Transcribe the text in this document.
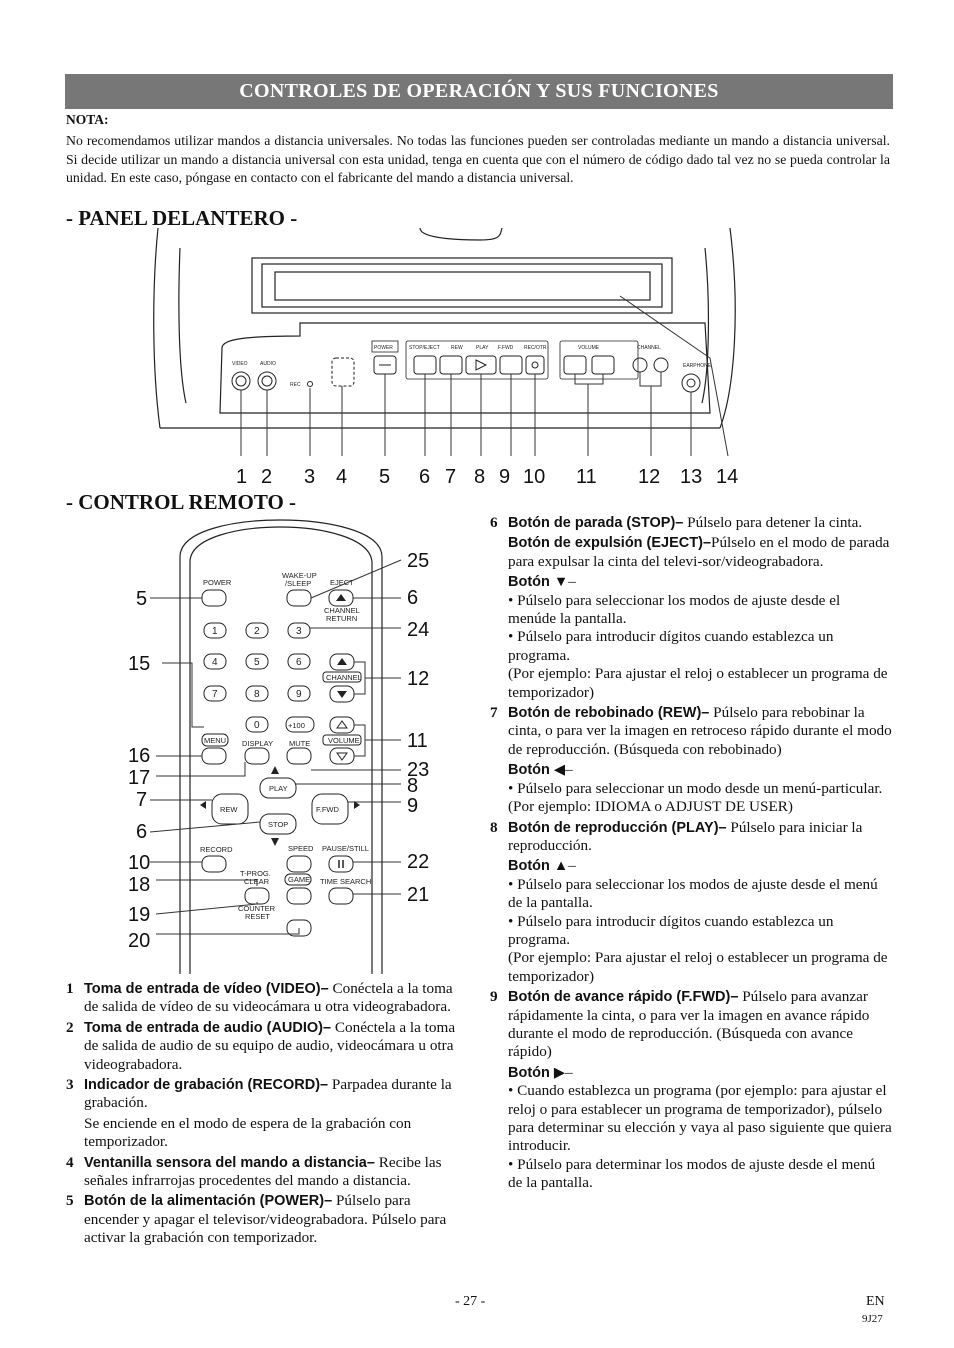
CONTROLES DE OPERACIÓN Y SUS FUNCIONES
NOTA:
No recomendamos utilizar mandos a distancia universales. No todas las funciones pueden ser controladas mediante un mando a distancia universal. Si decide utilizar un mando a distancia universal con esta unidad, tenga en cuenta que con el número de código dado tal vez no se pueda controlar la unidad. En este caso, póngase en contacto con el fabricante del mando a distancia universal.
- PANEL DELANTERO -
VIDEO AUDIO
REC
POWER	STOP/EJECT REW	PLAY F.FWD REC/OTR	VOLUME	CHANNEL
EARPHONE
1 2 3 4 5 6 7 8 9 10 11 12 13 14
- CONTROL REMOTO -
POWER
WAKE-UP
/SLEEP EJECT
CHANNEL
RETURN
1	2	3
4	5	6
7	8	9
0	+100
CHANNEL
VOLUME
MENU DISPLAY MUTE
PLAY
REW	F.FWD
STOP
RECORD	SPEED PAUSE/STILL
T-PROG.
CLEAR	GAME TIME SEARCH
COUNTER
RESET
5
15
16
17
7
6
10
18
19
20
25
6
24
12
11
23
8
9
22
21
1 Toma de entrada de vídeo (VIDEO)– Conéctela a la toma de salida de vídeo de su videocámara u otra videograbadora.
2 Toma de entrada de audio (AUDIO)– Conéctela a la toma de salida de audio de su equipo de audio, videocámara u otra videograbadora.
3 Indicador de grabación (RECORD)– Parpadea durante la grabación.
Se enciende en el modo de espera de la grabación con temporizador.
4 Ventanilla sensora del mando a distancia– Recibe las señales infrarrojas procedentes del mando a distancia.
5 Botón de la alimentación (POWER)– Púlselo para encender y apagar el televisor/videograbadora. Púlselo para activar la grabación con temporizador.
6 Botón de parada (STOP)– Púlselo para detener la cinta.
Botón de expulsión (EJECT)–Púlselo en el modo de parada para expulsar la cinta del televi-sor/videograbadora.
Botón ▼–
• Púlselo para seleccionar los modos de ajuste desde el menúde la pantalla.
• Púlselo para introducir dígitos cuando establezca un programa.
(Por ejemplo: Para ajustar el reloj o establecer un programa de temporizador)
7 Botón de rebobinado (REW)– Púlselo para rebobinar la cinta, o para ver la imagen en retroceso rápido durante el modo de reproducción. (Búsqueda con rebobinado)
Botón ◀–
• Púlselo para seleccionar un modo desde un menú-particular.
(Por ejemplo: IDIOMA o ADJUST DE USER)
8 Botón de reproducción (PLAY)– Púlselo para iniciar la reproducción.
Botón ▲–
• Púlselo para seleccionar los modos de ajuste desde el menú de la pantalla.
• Púlselo para introducir dígitos cuando establezca un programa.
(Por ejemplo: Para ajustar el reloj o establecer un programa de temporizador)
9 Botón de avance rápido (F.FWD)– Púlselo para avanzar rápidamente la cinta, o para ver la imagen en avance rápido durante el modo de reproducción. (Búsqueda con avance rápido)
Botón ▶–
• Cuando establezca un programa (por ejemplo: para ajustar el reloj o para establecer un programa de temporizador), púlselo para determinar su elección y vaya al paso siguiente que quiera introducir.
• Púlselo para determinar los modos de ajuste desde el menú de la pantalla.
- 27 -	EN
9J27
